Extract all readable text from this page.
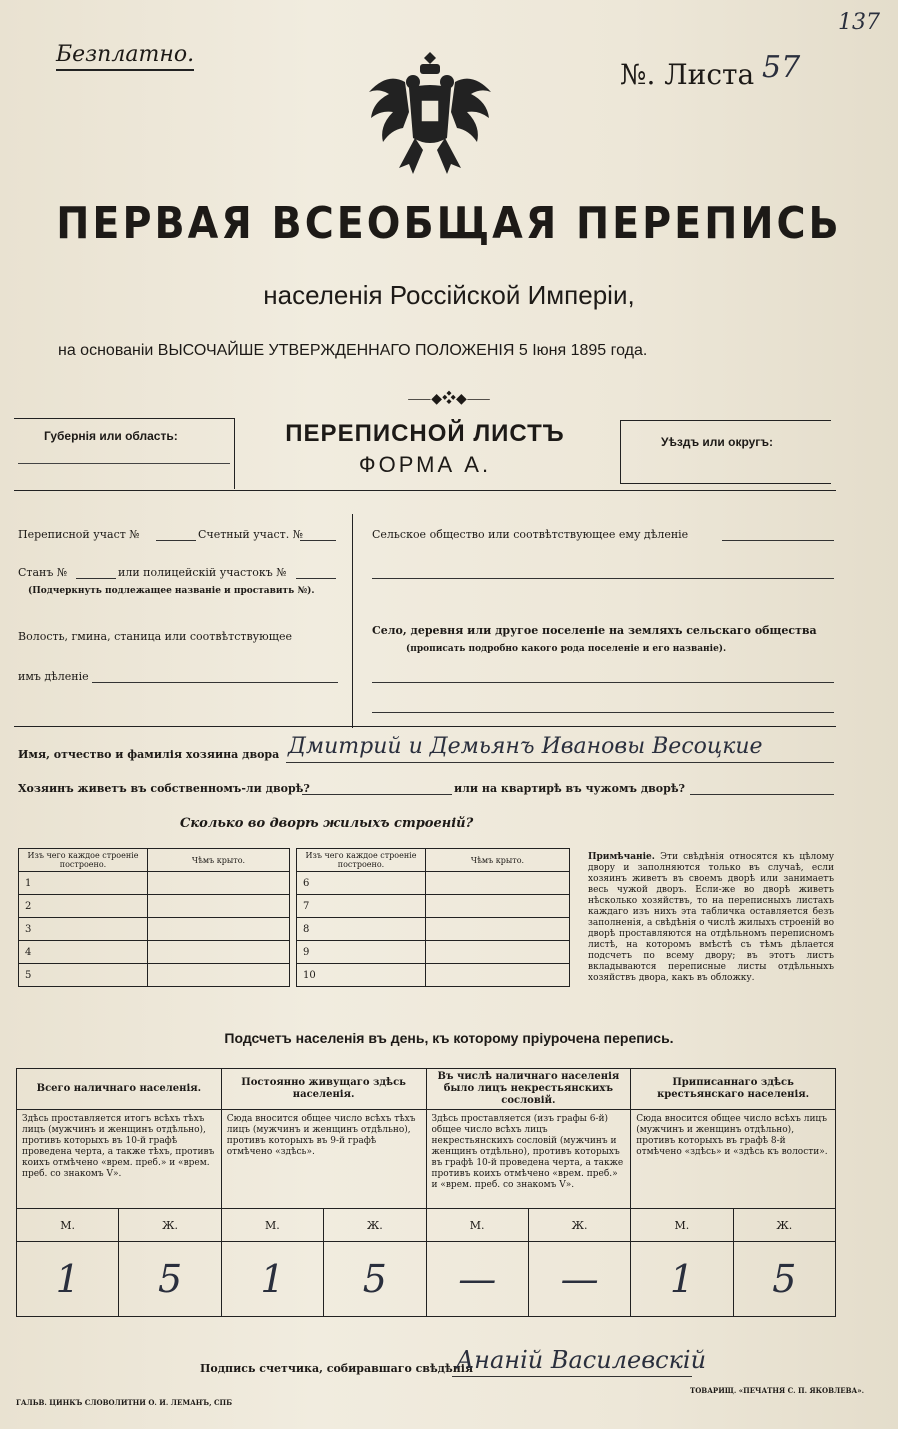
Безплатно.
№. Листа 57
137
ПЕРВАЯ ВСЕОБЩАЯ ПЕРЕПИСЬ
населенія Россійской Имперіи,
на основаніи ВЫСОЧАЙШЕ УТВЕРЖДЕННАГО ПОЛОЖЕНІЯ 5 Іюня 1895 года.
⸺◆❖◆⸺
Губернія или область:	ПЕРЕПИСНОЙ ЛИСТЪ
ФОРМА А.
Уѣздъ или округъ:
Переписной участ №	Счетный участ. №
Станъ №	или полицейскій участокъ №
(Подчеркнуть подлежащее названіе и проставить №).
Волость, гмина, станица или соотвѣтствующее
имъ дѣленіе
Сельское общество или соотвѣтствующее ему дѣленіе
Село, деревня или другое поселеніе на земляхъ сельскаго общества
(прописать подробно какого рода поселеніе и его названіе).
Имя, отчество и фамилія хозяина двора Дмитрий и Демьянъ Ивановы Весоцкие
Хозяинъ живетъ въ собственномъ-ли дворѣ?	или на квартирѣ въ чужомъ дворѣ?
Сколько во дворѣ жилыхъ строеній?
Изъ чего каждое строеніе построено.	Чѣмъ крыто.
1	
2	
3	
4	
5	
Изъ чего каждое строеніе построено.	Чѣмъ крыто.
6	
7	
8	
9	
10	
Примѣчаніе. Эти свѣдѣнія относятся къ цѣлому двору и заполняются только въ случаѣ, если хозяинъ живетъ въ своемъ дворѣ или занимаетъ весь чужой дворъ. Если-же во дворѣ живетъ нѣсколько хозяйствъ, то на переписныхъ листахъ каждаго изъ нихъ эта табличка оставляется безъ заполненія, а свѣдѣнія о числѣ жилыхъ строеній во дворѣ проставляются на отдѣльномъ переписномъ листѣ, на которомъ вмѣстѣ съ тѣмъ дѣлается подсчетъ по всему двору; въ этотъ листъ вкладываются переписные листы отдѣльныхъ хозяйствъ двора, какъ въ обложку.
Подсчетъ населенія въ день, къ которому пріурочена перепись.
Всего наличнаго населенія.		Постоянно живущаго здѣсь населенія.		Въ числѣ наличнаго населенія было лицъ некрестьянскихъ сословій.		Приписаннаго здѣсь крестьянскаго населенія.	
Здѣсь проставляется итогъ всѣхъ тѣхъ лицъ (мужчинъ и женщинъ отдѣльно), противъ которыхъ въ 10-й графѣ проведена черта, а также тѣхъ, противъ коихъ отмѣчено «врем. преб.» и «врем. преб. со знакомъ V».		Сюда вносится общее число всѣхъ тѣхъ лицъ (мужчинъ и женщинъ отдѣльно), противъ которыхъ въ 9-й графѣ отмѣчено «здѣсь».		Здѣсь проставляется (изъ графы 6-й) общее число всѣхъ лицъ некрестьянскихъ сословій (мужчинъ и женщинъ отдѣльно), противъ которыхъ въ графѣ 10-й проведена черта, а также противъ коихъ отмѣчено «врем. преб.» и «врем. преб. со знакомъ V».		Сюда вносится общее число всѣхъ лицъ (мужчинъ и женщинъ отдѣльно), противъ которыхъ въ графѣ 8-й отмѣчено «здѣсь» и «здѣсь къ волости».	
М.	Ж.	М.	Ж.	М.	Ж.	М.	Ж.
1	5	1	5	—	—	1	5
Подпись счетчика, собиравшаго свѣдѣнія
Ананій Василевскій
ГАЛЬВ. ЦИНКЪ СЛОВОЛИТНИ О. И. ЛЕМАНЪ, СПБ
ТОВАРИЩ. «ПЕЧАТНЯ С. П. ЯКОВЛЕВА».
